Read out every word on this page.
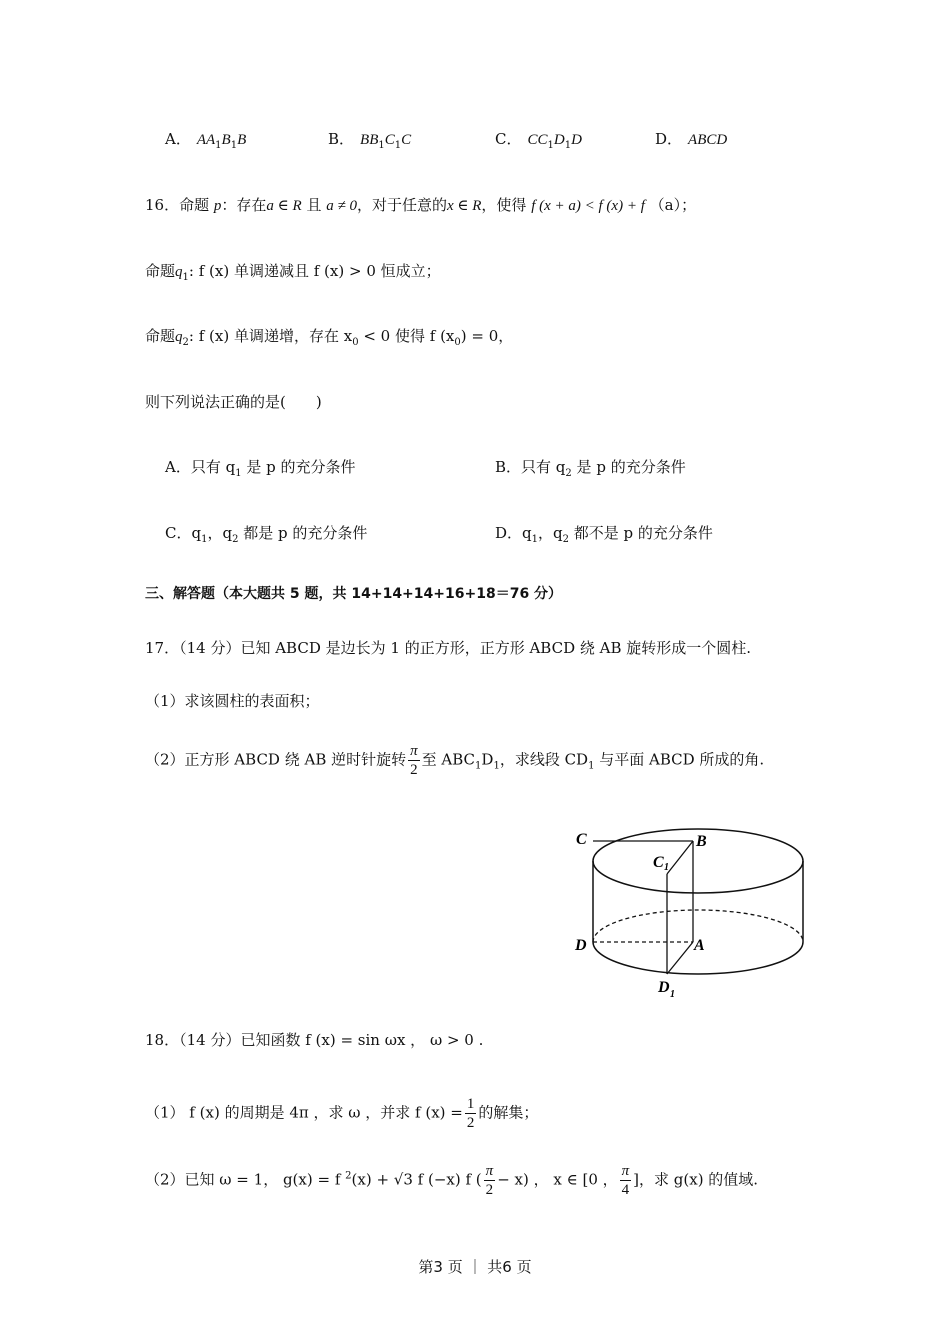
A． $AA_1B_1B$	B． $BB_1C_1C$	C． $CC_1D_1D$	D． ABCD
16．命题 p：存在a ∈ R 且 a ≠ 0，对于任意的x ∈ R，使得 f (x + a) < f (x) + f （a）；
命题$q_1$: f (x) 单调递减且 f (x) > 0 恒成立；
命题$q_2$: f (x) 单调递增，存在 $x_0 < 0$ 使得 f $(x_0) = 0$，
则下列说法正确的是(　　)
A．只有 $q_1$ 是 p 的充分条件	B．只有 $q_2$ 是 p 的充分条件
C．$q_1$，$q_2$ 都是 p 的充分条件	D．$q_1$，$q_2$ 都不是 p 的充分条件
三、解答题（本大题共 5 题，共 14+14+14+16+18＝76 分）
17．（14 分）已知 ABCD 是边长为 1 的正方形，正方形 ABCD 绕 AB 旋转形成一个圆柱.
（1）求该圆柱的表面积；
（2）正方形 ABCD 绕 AB 逆时针旋转 $\frac{\pi}{2}$ 至 $ABC_1D_1$，求线段 $CD_1$ 与平面 ABCD 所成的角.
C	B
C 1
D	A
D 1
18．（14 分）已知函数 f (x) = sin ωx ， ω > 0 .
（1） f (x) 的周期是 4π ，求 ω ，并求 f $(x) = \frac{1}{2}$ 的解集；
（2）已知 ω = 1， g(x) = f $^2$(x) + √3 f (−x) f ( $\frac{\pi}{2} - x$) ， x ∈ [0 ， $\frac{\pi}{4}$ ]，求 g(x) 的值域.
第3 页 ｜ 共6 页
